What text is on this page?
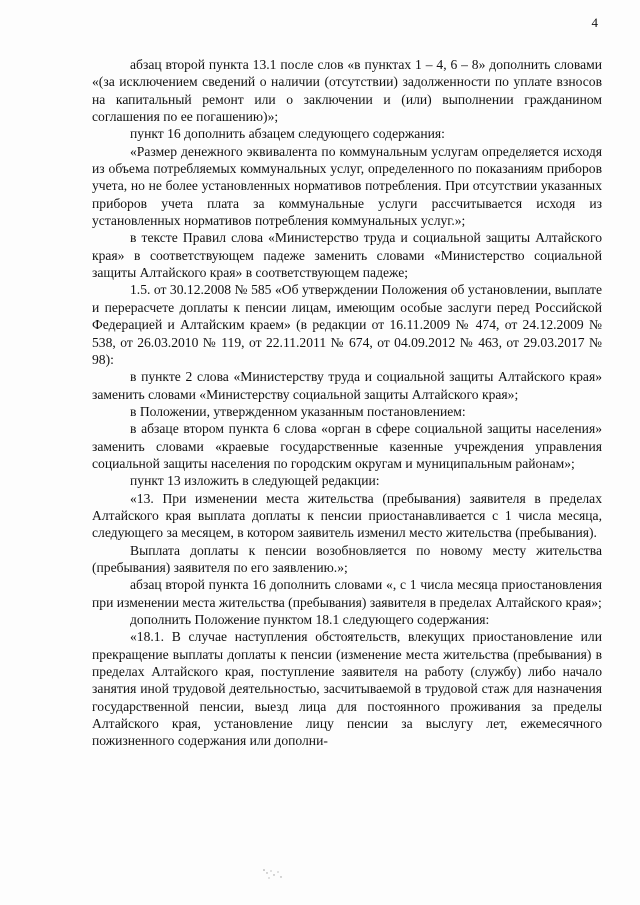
4

абзац второй пункта 13.1 после слов «в пунктах 1 – 4, 6 – 8» дополнить словами «(за исключением сведений о наличии (отсутствии) задолженности по уплате взносов на капитальный ремонт или о заключении и (или) выполнении гражданином соглашения по ее погашению)»;

пункт 16 дополнить абзацем следующего содержания:

«Размер денежного эквивалента по коммунальным услугам определяется исходя из объема потребляемых коммунальных услуг, определенного по показаниям приборов учета, но не более установленных нормативов потребления. При отсутствии указанных приборов учета плата за коммунальные услуги рассчитывается исходя из установленных нормативов потребления коммунальных услуг.»;

в тексте Правил слова «Министерство труда и социальной защиты Алтайского края» в соответствующем падеже заменить словами «Министерство социальной защиты Алтайского края» в соответствующем падеже;

1.5. от 30.12.2008 № 585 «Об утверждении Положения об установлении, выплате и перерасчете доплаты к пенсии лицам, имеющим особые заслуги перед Российской Федерацией и Алтайским краем» (в редакции от 16.11.2009 № 474, от 24.12.2009 № 538, от 26.03.2010 № 119, от 22.11.2011 № 674, от 04.09.2012 № 463, от 29.03.2017 № 98):

в пункте 2 слова «Министерству труда и социальной защиты Алтайского края» заменить словами «Министерству социальной защиты Алтайского края»;

в Положении, утвержденном указанным постановлением:

в абзаце втором пункта 6 слова «орган в сфере социальной защиты населения» заменить словами «краевые государственные казенные учреждения управления социальной защиты населения по городским округам и муниципальным районам»;

пункт 13 изложить в следующей редакции:

«13. При изменении места жительства (пребывания) заявителя в пределах Алтайского края выплата доплаты к пенсии приостанавливается с 1 числа месяца, следующего за месяцем, в котором заявитель изменил место жительства (пребывания).

Выплата доплаты к пенсии возобновляется по новому месту жительства (пребывания) заявителя по его заявлению.»;

абзац второй пункта 16 дополнить словами «, с 1 числа месяца приостановления при изменении места жительства (пребывания) заявителя в пределах Алтайского края»;

дополнить Положение пунктом 18.1 следующего содержания:

«18.1. В случае наступления обстоятельств, влекущих приостановление или прекращение выплаты доплаты к пенсии (изменение места жительства (пребывания) в пределах Алтайского края, поступление заявителя на работу (службу) либо начало занятия иной трудовой деятельностью, засчитываемой в трудовой стаж для назначения государственной пенсии, выезд лица для постоянного проживания за пределы Алтайского края, установление лицу пенсии за выслугу лет, ежемесячного пожизненного содержания или дополни-
